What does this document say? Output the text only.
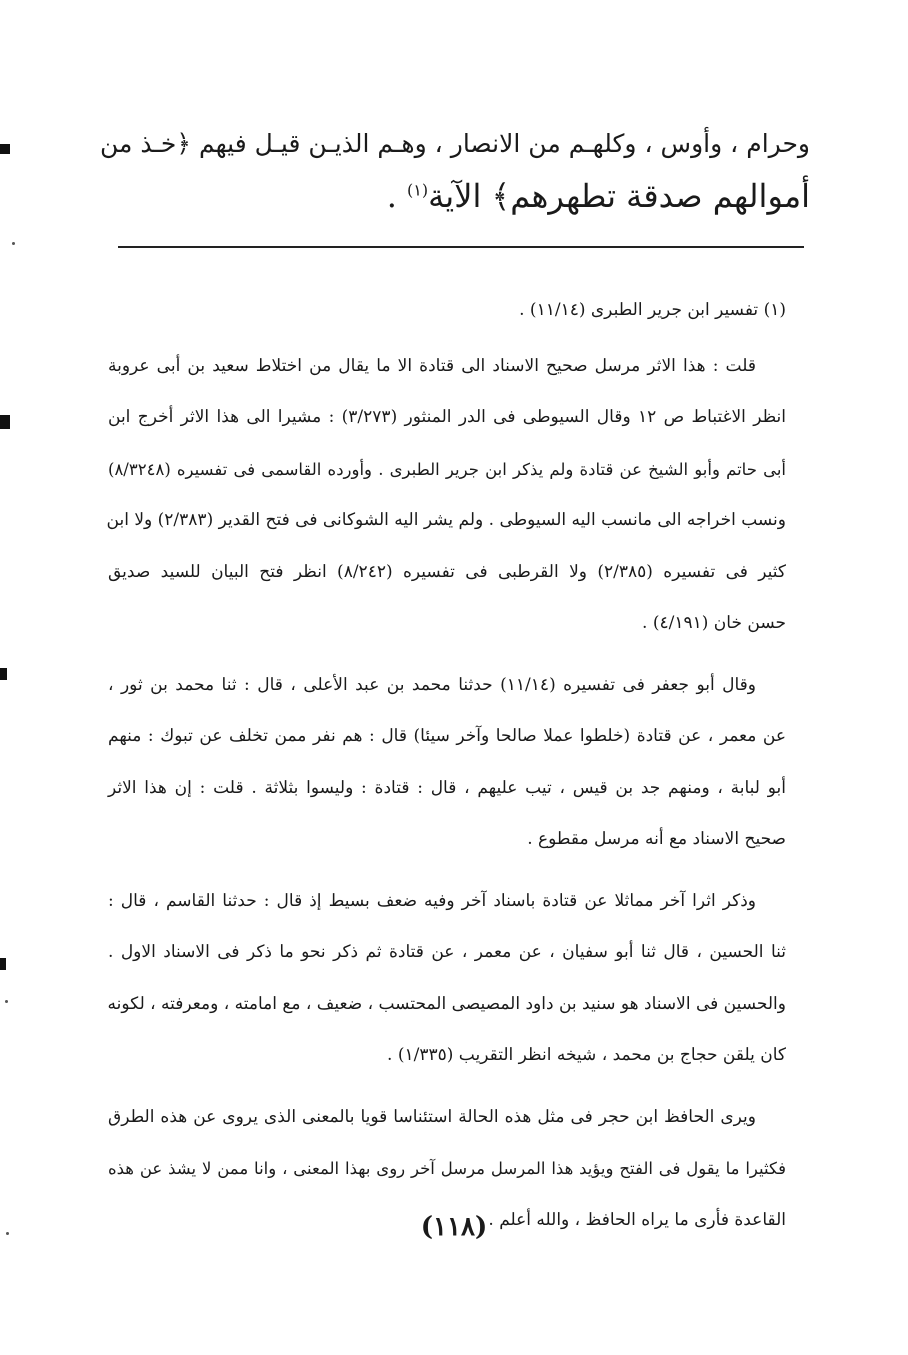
وحرام ، وأوس ، وكلهـم من الانصار ، وهـم الذيـن قيـل فيهم ﴿خـذ من
أموالهم صدقة تطهرهم﴾ الآية$^{(١)}$ .

(١) تفسير ابن جرير الطبرى (١١/١٤) .

قلت : هذا الاثر مرسل صحيح الاسناد الى قتادة الا ما يقال من اختلاط سعيد بن أبى عروبة

انظر الاغتباط ص ١٢ وقال السيوطى فى الدر المنثور (٣/٢٧٣) : مشيرا الى هذا الاثر أخرج ابن

أبى حاتم وأبو الشيخ عن قتادة ولم يذكر ابن جرير الطبرى . وأورده القاسمى فى تفسيره (٨/٣٢٤٨)

ونسب اخراجه الى مانسب اليه السيوطى . ولم يشر اليه الشوكانى فى فتح القدير (٢/٣٨٣) ولا ابن

كثير فى تفسيره (٢/٣٨٥) ولا القرطبى فى تفسيره (٨/٢٤٢) انظر فتح البيان للسيد صديق

حسن خان (٤/١٩١) .

وقال أبو جعفر فى تفسيره (١١/١٤) حدثنا محمد بن عبد الأعلى ، قال : ثنا محمد بن ثور ،

عن معمر ، عن قتادة (خلطوا عملا صالحا وآخر سيئا) قال : هم نفر ممن تخلف عن تبوك : منهم

أبو لبابة ، ومنهم جد بن قيس ، تيب عليهم ، قال : قتادة : وليسوا بثلاثة . قلت : إن هذا الاثر

صحيح الاسناد مع أنه مرسل مقطوع .

وذكر اثرا آخر مماثلا عن قتادة باسناد آخر وفيه ضعف بسيط إذ قال : حدثنا القاسم ، قال :

ثنا الحسين ، قال ثنا أبو سفيان ، عن معمر ، عن قتادة ثم ذكر نحو ما ذكر فى الاسناد الاول .

والحسين فى الاسناد هو سنيد بن داود المصيصى المحتسب ، ضعيف ، مع امامته ، ومعرفته ، لكونه

كان يلقن حجاج بن محمد ، شيخه انظر التقريب (١/٣٣٥) .

ويرى الحافظ ابن حجر فى مثل هذه الحالة استئناسا قويا بالمعنى الذى يروى عن هذه الطرق

فكثيرا ما يقول فى الفتح ويؤيد هذا المرسل مرسل آخر روى بهذا المعنى ، وانا ممن لا يشذ عن هذه

القاعدة فأرى ما يراه الحافظ ، والله أعلم .

(١١٨)
